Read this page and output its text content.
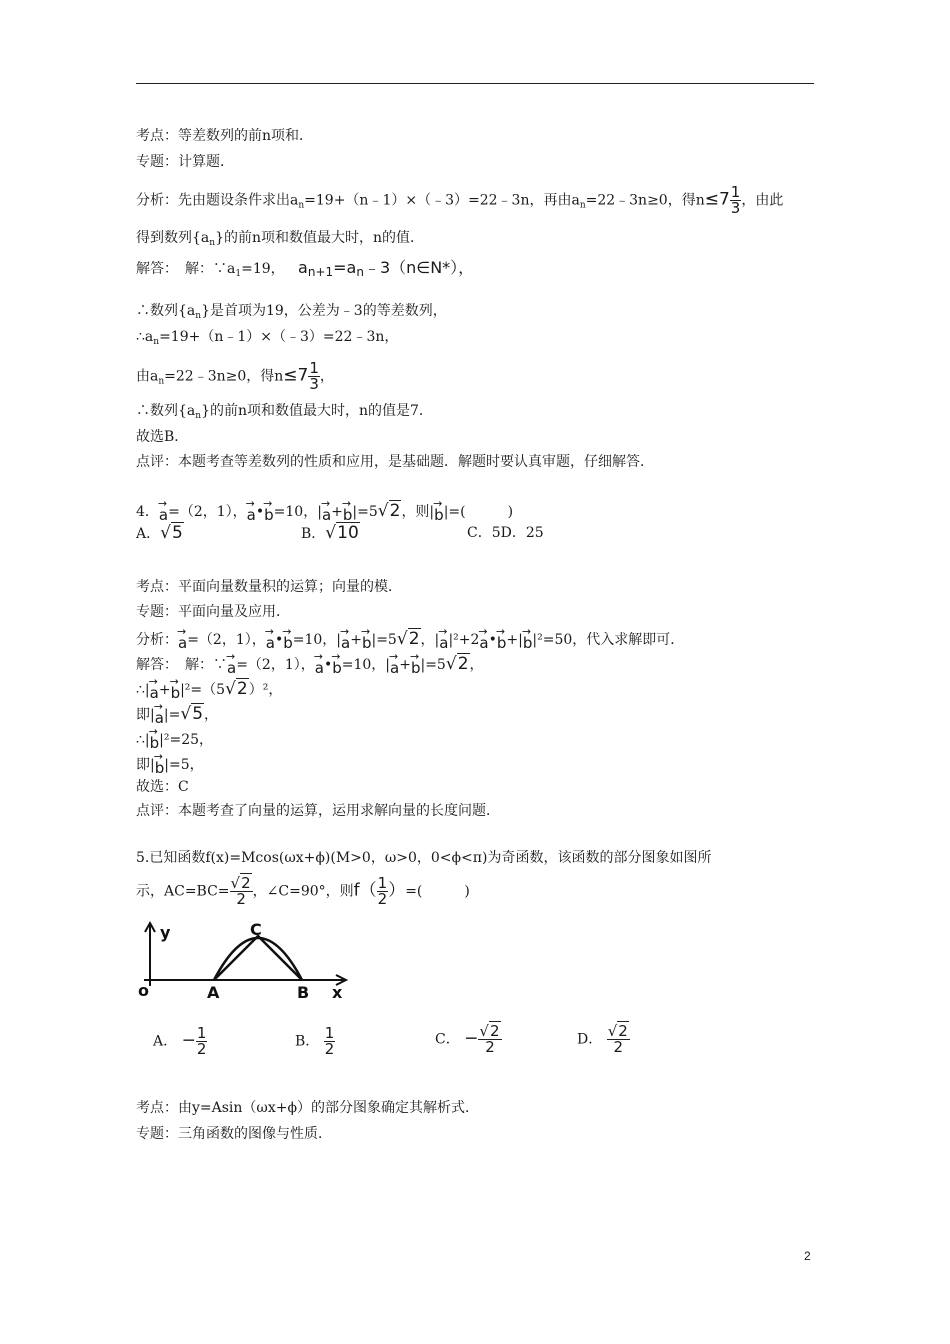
考点：等差数列的前n项和．
专题：计算题．
分析：先由题设条件求出$a_n=19+(n﹣1)\times(﹣3)=22﹣3n$，再由$a_n=22﹣3n\ge 0$，得$n\le 7 \frac{1}{3}$ ，由此
得到数列$\{a_n\}$的前n项和数值最大时，n的值．
解答：　解：$\because a_1=19$， $a_{n+1}=a_n﹣3(n\in N*)$，
∴数列$\{a_n\}$是首项为19，公差为﹣3的等差数列，
$\therefore a_n=19+(n﹣1)\times(﹣3)=22﹣3n$，
由$a_n=22﹣3n\ge 0$，得$n\le 7 \frac{1}{3}$ ，
∴数列$\{a_n\}$的前n项和数值最大时，n的值是7．
故选B．
点评：本题考查等差数列的性质和应用，是基础题．解题时要认真审题，仔细解答．
4．→ a=（2，1），→ a•→ b=10，|→ a+→ b|=5√2，则|→ b|=(　　　)
A．√5	B．√10	C．5D．25
考点：平面向量数量积的运算；向量的模．
专题：平面向量及应用．
分析：→ a=（2，1），→ a•→ b=10，|→ a+→ b|=5√2，|→ a|²+2→ a•→ b+|→ b|²=50，代入求解即可．
解答：　解：∵→ a=（2，1），→ a•→ b=10，|→ a+→ b|=5√2，
∴|→ a+→ b|²=（5√2）²，
即|→ a|=√5，
∴|→ b|²=25，
即|→ b|=5，
故选：C
点评：本题考查了向量的运算，运用求解向量的长度问题．
5.已知函数f(x)=Mcos(ωx+ϕ)(M>0，ω>0，0<ϕ<π)为奇函数，该函数的部分图象如图所
示，$AC=BC= \frac{√2}{2}$ ，∠C=90°，则$f( \frac{1}{2}$ ）=(　　　)
y
o	A	B
C
x
A． − $\frac{1}{2}$	B． $\frac{1}{2}$	C． − $\frac{√2}{2}$	D． $\frac{√2}{2}$
考点：由y=Asin（ωx+ϕ）的部分图象确定其解析式．
专题：三角函数的图像与性质．
2
